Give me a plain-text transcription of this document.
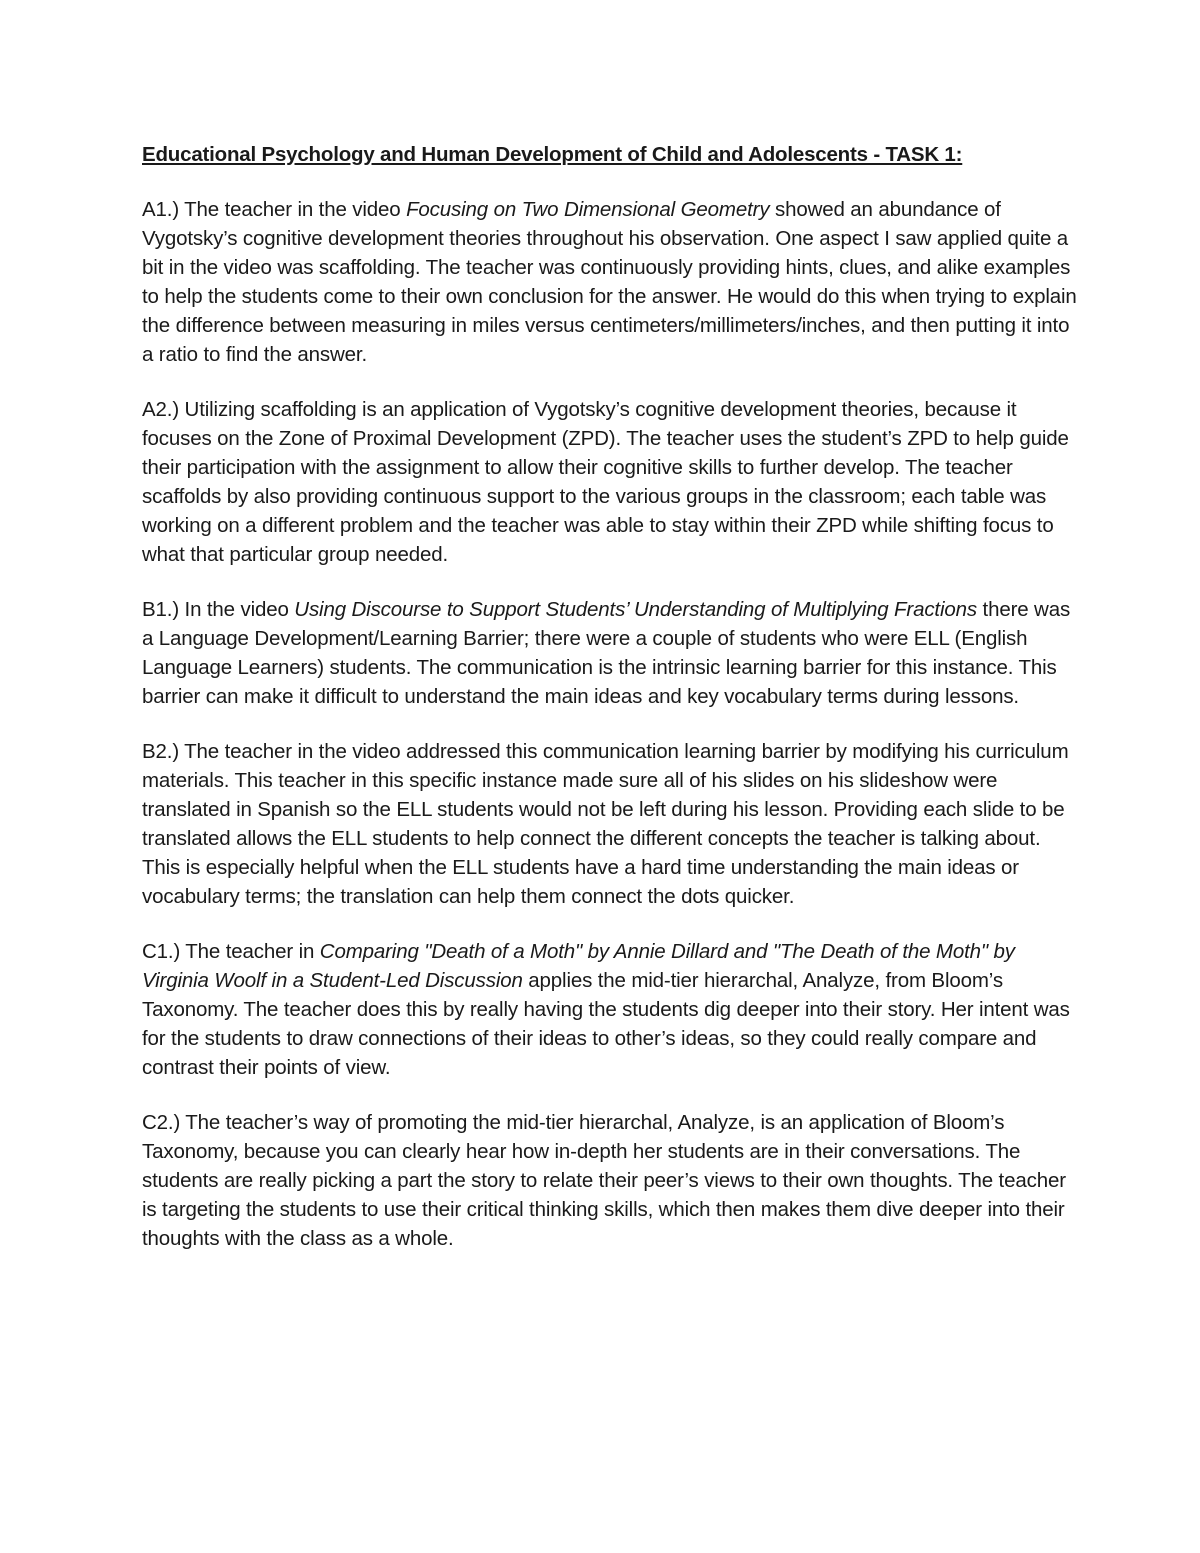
Educational Psychology and Human Development of Child and Adolescents - TASK 1:

A1.) The teacher in the video Focusing on Two Dimensional Geometry showed an abundance of Vygotsky’s cognitive development theories throughout his observation. One aspect I saw applied quite a bit in the video was scaffolding. The teacher was continuously providing hints, clues, and alike examples to help the students come to their own conclusion for the answer. He would do this when trying to explain the difference between measuring in miles versus centimeters/millimeters/inches, and then putting it into a ratio to find the answer.

A2.) Utilizing scaffolding is an application of Vygotsky’s cognitive development theories, because it focuses on the Zone of Proximal Development (ZPD). The teacher uses the student’s ZPD to help guide their participation with the assignment to allow their cognitive skills to further develop. The teacher scaffolds by also providing continuous support to the various groups in the classroom; each table was working on a different problem and the teacher was able to stay within their ZPD while shifting focus to what that particular group needed.

B1.) In the video Using Discourse to Support Students’ Understanding of Multiplying Fractions there was a Language Development/Learning Barrier; there were a couple of students who were ELL (English Language Learners) students. The communication is the intrinsic learning barrier for this instance. This barrier can make it difficult to understand the main ideas and key vocabulary terms during lessons.

B2.) The teacher in the video addressed this communication learning barrier by modifying his curriculum materials. This teacher in this specific instance made sure all of his slides on his slideshow were translated in Spanish so the ELL students would not be left during his lesson. Providing each slide to be translated allows the ELL students to help connect the different concepts the teacher is talking about. This is especially helpful when the ELL students have a hard time understanding the main ideas or vocabulary terms; the translation can help them connect the dots quicker.

C1.) The teacher in Comparing "Death of a Moth" by Annie Dillard and "The Death of the Moth" by Virginia Woolf in a Student-Led Discussion applies the mid-tier hierarchal, Analyze, from Bloom’s Taxonomy. The teacher does this by really having the students dig deeper into their story. Her intent was for the students to draw connections of their ideas to other’s ideas, so they could really compare and contrast their points of view.

C2.) The teacher’s way of promoting the mid-tier hierarchal, Analyze, is an application of Bloom’s Taxonomy, because you can clearly hear how in-depth her students are in their conversations. The students are really picking a part the story to relate their peer’s views to their own thoughts. The teacher is targeting the students to use their critical thinking skills, which then makes them dive deeper into their thoughts with the class as a whole.
